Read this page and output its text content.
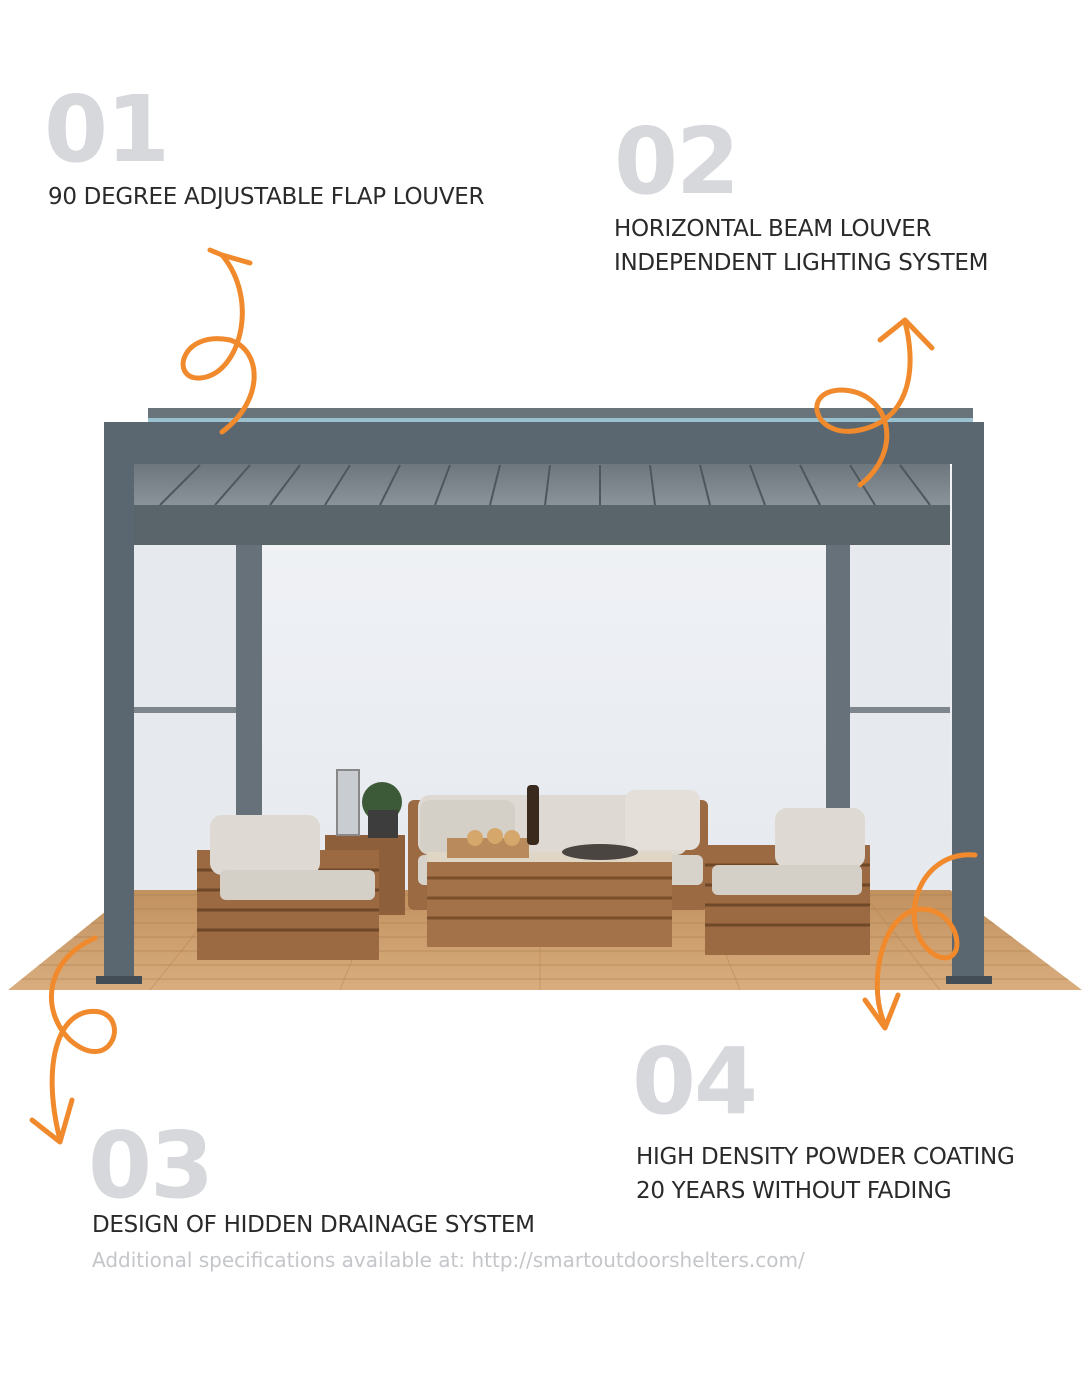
01
90 DEGREE ADJUSTABLE FLAP LOUVER 02
HORIZONTAL BEAM LOUVER
INDEPENDENT LIGHTING SYSTEM
03
DESIGN OF HIDDEN DRAINAGE SYSTEM
04
HIGH DENSITY POWDER COATING
20 YEARS WITHOUT FADING
Additional specifications available at: http://smartoutdoorshelters.com/
